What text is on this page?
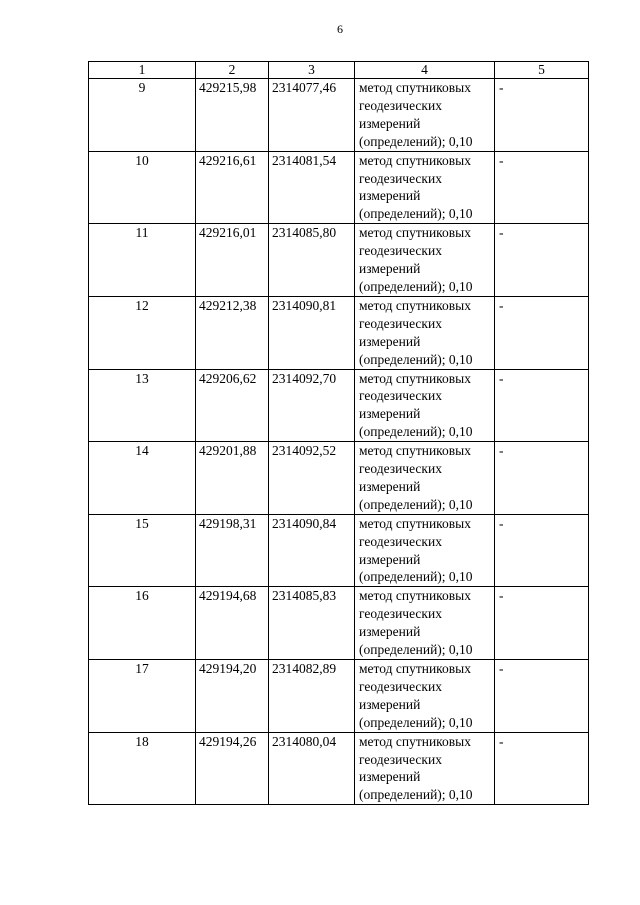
6
1	2	3	4	5
9	429215,98	2314077,46	метод спутниковых
геодезических
измерений
(определений); 0,10	-
10	429216,61	2314081,54	метод спутниковых
геодезических
измерений
(определений); 0,10	-
11	429216,01	2314085,80	метод спутниковых
геодезических
измерений
(определений); 0,10	-
12	429212,38	2314090,81	метод спутниковых
геодезических
измерений
(определений); 0,10	-
13	429206,62	2314092,70	метод спутниковых
геодезических
измерений
(определений); 0,10	-
14	429201,88	2314092,52	метод спутниковых
геодезических
измерений
(определений); 0,10	-
15	429198,31	2314090,84	метод спутниковых
геодезических
измерений
(определений); 0,10	-
16	429194,68	2314085,83	метод спутниковых
геодезических
измерений
(определений); 0,10	-
17	429194,20	2314082,89	метод спутниковых
геодезических
измерений
(определений); 0,10	-
18	429194,26	2314080,04	метод спутниковых
геодезических
измерений
(определений); 0,10	-
